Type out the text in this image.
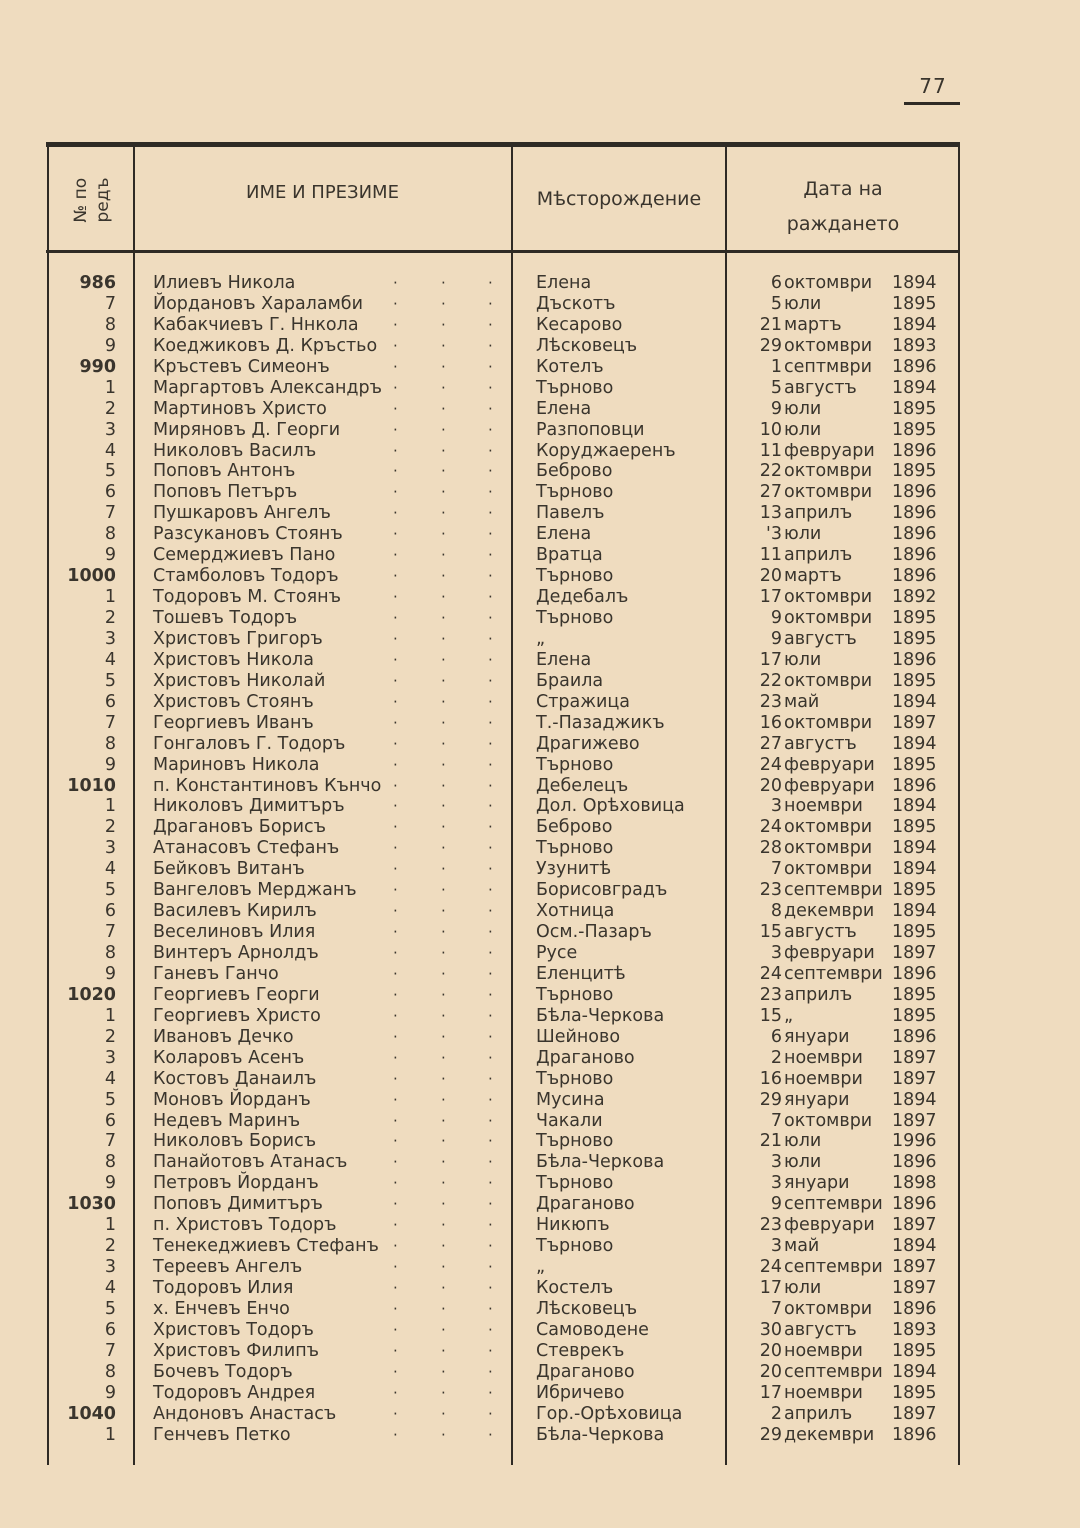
77
№ по редъ	ИМЕ И ПРЕЗИМЕ	Мѣсторождение	Дата на
раждането
986 Илиевъ Никола	·	·	· Елена	6 октомври 1894
7 Йордановъ Хараламби ·	·	· Дъскотъ	5 юли	1895
8 Кабакчиевъ Г. Ннкола ·	·	· Кесарово	21 мартъ	1894
9 Коеджиковъ Д. Кръстьо ·	·	· Лѣсковецъ	29 октомври 1893
990 Кръстевъ Симеонъ	·	·	· Котелъ	1 септмври 1896
1 Маргартовъ Александръ ·	·	· Търново	5 августъ 1894
2 Мартиновъ Христо	·	·	· Елена	9 юли	1895
3 Миряновъ Д. Георги	·	·	· Разпоповци	10 юли	1895
4 Николовъ Василъ	·	·	· Коруджаеренъ	11 февруари 1896
5 Поповъ Антонъ	·	·	· Беброво	22 октомври 1895
6 Поповъ Петъръ	·	·	· Търново	27 октомври 1896
7 Пушкаровъ Ангелъ	·	·	· Павелъ	13 априлъ 1896
8 Разсукановъ Стоянъ	·	·	· Елена	'3 юли	1896
9 Семерджиевъ Пано	·	·	· Вратца	11 априлъ 1896
1000 Стамболовъ Тодоръ	·	·	· Търново	20 мартъ	1896
1 Тодоровъ М. Стоянъ	·	·	· Дедебалъ	17 октомври 1892
2 Тошевъ Тодоръ	·	·	· Търново	9 октомври 1895
3 Христовъ Григоръ	·	·	· „	9 августъ 1895
4 Христовъ Никола	·	·	· Елена	17 юли	1896
5 Христовъ Николай	·	·	· Браила	22 октомври 1895
6 Христовъ Стоянъ	·	·	· Стражица	23 май	1894
7 Георгиевъ Иванъ	·	·	· Т.-Пазаджикъ	16 октомври 1897
8 Гонгаловъ Г. Тодоръ	·	·	· Драгижево	27 августъ 1894
9 Мариновъ Никола	·	·	· Търново	24 февруари 1895
1010 п. Константиновъ Кънчо ·	·	· Дебелецъ	20 февруари 1896
1 Николовъ Димитъръ	·	·	· Дол. Орѣховица	3 ноември 1894
2 Драгановъ Борисъ	·	·	· Беброво	24 октомври 1895
3 Атанасовъ Стефанъ	·	·	· Търново	28 октомври 1894
4 Бейковъ Витанъ	·	·	· Узунитѣ	7 октомври 1894
5 Вангеловъ Мерджанъ ·	·	· Борисовградъ	23 септември 1895
6 Василевъ Кирилъ	·	·	· Хотница	8 декември 1894
7 Веселиновъ Илия	·	·	· Осм.-Пазаръ	15 августъ 1895
8 Винтеръ Арнолдъ	·	·	· Русе	3 февруари 1897
9 Ганевъ Ганчо	·	·	· Еленцитѣ	24 септември 1896
1020 Георгиевъ Георги	·	·	· Търново	23 априлъ 1895
1 Георгиевъ Христо	·	·	· Бѣла-Черкова	15 „	1895
2 Ивановъ Дечко	·	·	· Шейново	6 януари 1896
3 Коларовъ Асенъ	·	·	· Драганово	2 ноември 1897
4 Костовъ Данаилъ	·	·	· Търново	16 ноември 1897
5 Моновъ Йорданъ	·	·	· Мусина	29 януари 1894
6 Недевъ Маринъ	·	·	· Чакали	7 октомври 1897
7 Николовъ Борисъ	·	·	· Търново	21 юли	1996
8 Панайотовъ Атанасъ	·	·	· Бѣла-Черкова	3 юли	1896
9 Петровъ Йорданъ	·	·	· Търново	3 януари 1898
1030 Поповъ Димитъръ	·	·	· Драганово	9 септември 1896
1 п. Христовъ Тодоръ	·	·	· Никюпъ	23 февруари 1897
2 Тенекеджиевъ Стефанъ ·	·	· Търново	3 май	1894
3 Тереевъ Ангелъ	·	·	· „	24 септември 1897
4 Тодоровъ Илия	·	·	· Костелъ	17 юли	1897
5 х. Енчевъ Енчо	·	·	· Лѣсковецъ	7 октомври 1896
6 Христовъ Тодоръ	·	·	· Самоводене	30 августъ 1893
7 Христовъ Филипъ	·	·	· Стеврекъ	20 ноември 1895
8 Бочевъ Тодоръ	·	·	· Драганово	20 септември 1894
9 Тодоровъ Андрея	·	·	· Ибричево	17 ноември 1895
1040 Андоновъ Анастасъ	·	·	· Гор.-Орѣховица	2 априлъ 1897
1 Генчевъ Петко	·	·	· Бѣла-Черкова	29 декември 1896
